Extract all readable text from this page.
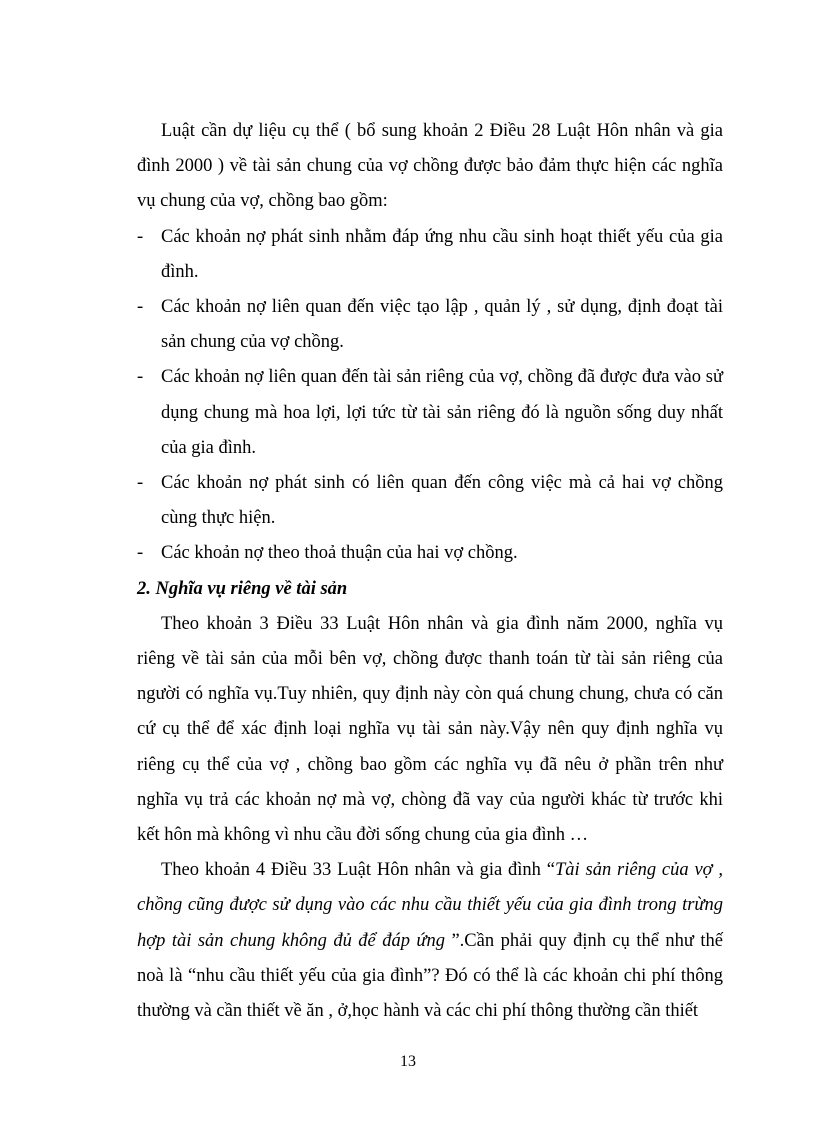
Luật cần dự liệu cụ thể ( bổ sung khoản 2 Điều 28 Luật Hôn nhân và gia đình 2000 ) về tài sản chung của vợ chồng được bảo đảm thực hiện các nghĩa vụ chung của vợ, chồng bao gồm:

- Các khoản nợ phát sinh nhằm đáp ứng nhu cầu sinh hoạt thiết yếu của gia đình.
- Các khoản nợ liên quan đến việc tạo lập , quản lý , sử dụng, định đoạt tài sản chung của vợ chồng.
- Các khoản nợ liên quan đến tài sản riêng của vợ, chồng đã được đưa vào sử dụng chung mà hoa lợi, lợi tức từ tài sản riêng đó là nguồn sống duy nhất của gia đình.
- Các khoản nợ phát sinh có liên quan đến công việc mà cả hai vợ chồng cùng thực hiện.
- Các khoản nợ theo thoả thuận của hai vợ chồng.

2. Nghĩa vụ riêng về tài sản

Theo khoản 3 Điều 33 Luật Hôn nhân và gia đình năm 2000, nghĩa vụ riêng về tài sản của mỗi bên vợ, chồng được thanh toán từ tài sản riêng của người có nghĩa vụ.Tuy nhiên, quy định này còn quá chung chung, chưa có căn cứ cụ thể để xác định loại nghĩa vụ tài sản này.Vậy nên quy định nghĩa vụ riêng cụ thể của vợ , chồng bao gồm các nghĩa vụ đã nêu ở phần trên như nghĩa vụ trả các khoản nợ mà vợ, chòng đã vay của người khác từ trước khi kết hôn mà không vì nhu cầu đời sống chung của gia đình …

Theo khoản 4 Điều 33 Luật Hôn nhân và gia đình “Tài sản riêng của vợ , chồng cũng được sử dụng vào các nhu cầu thiết yếu của gia đình trong trừng hợp tài sản chung không đủ để đáp ứng ”.Cần phải quy định cụ thể như thế noà là “nhu cầu thiết yếu của gia đình”? Đó có thể là các khoản chi phí thông thường và cần thiết về ăn , ở,học hành và các chi phí thông thường cần thiết

13
